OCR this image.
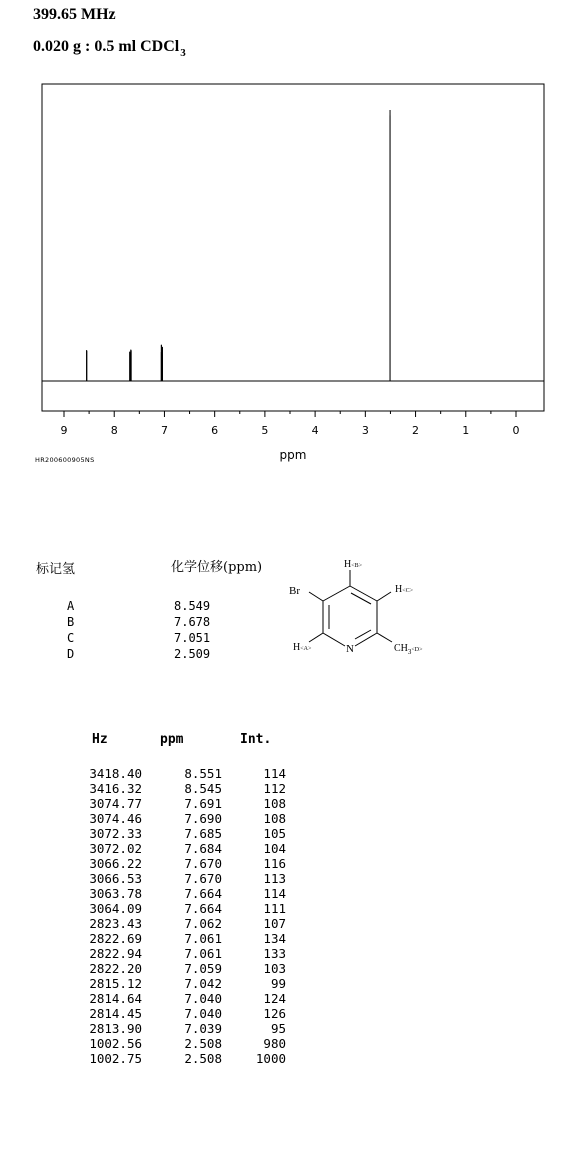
399.65 MHz
0.020 g : 0.5 ml CDCl$_3$
9	8	7	6	5	4	3	2	1	0
ppm
HR200600905NS
标记氢	化学位移(ppm)
A	8.549
B	7.678
C	7.051
D	2.509
Br
N
H<B>
H<C>
H<A>	$CH_3^{<D>}$
Hz	ppm	Int.
3418.40	8.551	114
3416.32	8.545	112
3074.77	7.691	108
3074.46	7.690	108
3072.33	7.685	105
3072.02	7.684	104
3066.22	7.670	116
3066.53	7.670	113
3063.78	7.664	114
3064.09	7.664	111
2823.43	7.062	107
2822.69	7.061	134
2822.94	7.061	133
2822.20	7.059	103
2815.12	7.042	99
2814.64	7.040	124
2814.45	7.040	126
2813.90	7.039	95
1002.56	2.508	980
1002.75	2.508	1000
